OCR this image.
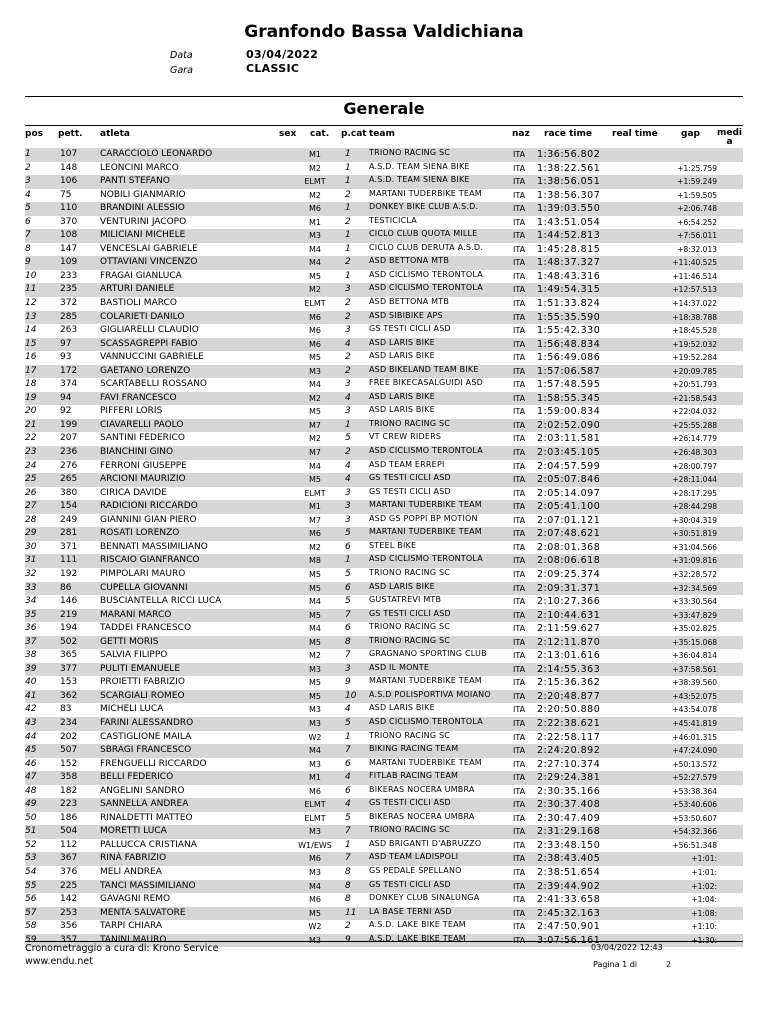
Granfondo Bassa Valdichiana
Data	03/04/2022
Gara	CLASSIC
Generale
pos pett. atleta	sex cat. p.cat team	naz race time real time	gap medi a
1	107	CARACCIOLO LEONARDO	M1	1 TRIONO RACING SC	ITA 1:36:56.802
2	148	LEONCINI MARCO	M2	1 A.S.D. TEAM SIENA BIKE	ITA 1:38:22.561	+1:25.759
3	106	PANTI STEFANO	ELMT	1 A.S.D. TEAM SIENA BIKE	ITA 1:38:56.051	+1:59.249
4	75	NOBILI GIANMARIO	M2	2 MARTANI TUDERBIKE TEAM	ITA 1:38:56.307	+1:59.505
5	110	BRANDINI ALESSIO	M6	1 DONKEY BIKE CLUB A.S.D.	ITA 1:39:03.550	+2:06.748
6	370	VENTURINI JACOPO	M1	2 TESTICICLA	ITA 1:43:51.054	+6:54.252
7	108	MILICIANI MICHELE	M3	1 CICLO CLUB QUOTA MILLE	ITA 1:44:52.813	+7:56.011
8	147	VENCESLAI GABRIELE	M4	1 CICLO CLUB DERUTA A.S.D.	ITA 1:45:28.815	+8:32.013
9	109	OTTAVIANI VINCENZO	M4	2 ASD BETTONA MTB	ITA 1:48:37.327	+11:40.525
10	233	FRAGAI GIANLUCA	M5	1 ASD CICLISMO TERONTOLA	ITA 1:48:43.316	+11:46.514
11	235	ARTURI DANIELE	M2	3 ASD CICLISMO TERONTOLA	ITA 1:49:54.315	+12:57.513
12	372	BASTIOLI MARCO	ELMT	2 ASD BETTONA MTB	ITA 1:51:33.824	+14:37.022
13	285	COLARIETI DANILO	M6	2 ASD SIBIBIKE APS	ITA 1:55:35.590	+18:38.788
14	263	GIGLIARELLI CLAUDIO	M6	3 GS TESTI CICLI ASD	ITA 1:55:42.330	+18:45.528
15	97	SCASSAGREPPI FABIO	M6	4 ASD LARIS BIKE	ITA 1:56:48.834	+19:52.032
16	93	VANNUCCINI GABRIELE	M5	2 ASD LARIS BIKE	ITA 1:56:49.086	+19:52.284
17	172	GAETANO LORENZO	M3	2 ASD BIKELAND TEAM BIKE	ITA 1:57:06.587	+20:09.785
18	374	SCARTABELLI ROSSANO	M4	3 FREE BIKECASALGUIDI ASD	ITA 1:57:48.595	+20:51.793
19	94	FAVI FRANCESCO	M2	4 ASD LARIS BIKE	ITA 1:58:55.345	+21:58.543
20	92	PIFFERI LORIS	M5	3 ASD LARIS BIKE	ITA 1:59:00.834	+22:04.032
21	199	CIAVARELLI PAOLO	M7	1 TRIONO RACING SC	ITA 2:02:52.090	+25:55.288
22	207	SANTINI FEDERICO	M2	5 VT CREW RIDERS	ITA 2:03:11.581	+26:14.779
23	236	BIANCHINI GINO	M7	2 ASD CICLISMO TERONTOLA	ITA 2:03:45.105	+26:48.303
24	276	FERRONI GIUSEPPE	M4	4 ASD TEAM ERREPI	ITA 2:04:57.599	+28:00.797
25	265	ARCIONI MAURIZIO	M5	4 GS TESTI CICLI ASD	ITA 2:05:07.846	+28:11.044
26	380	CIRICA DAVIDE	ELMT	3 GS TESTI CICLI ASD	ITA 2:05:14.097	+28:17.295
27	154	RADICIONI RICCARDO	M1	3 MARTANI TUDERBIKE TEAM	ITA 2:05:41.100	+28:44.298
28	249	GIANNINI GIAN PIERO	M7	3 ASD GS POPPI BP MOTION	ITA 2:07:01.121	+30:04.319
29	281	ROSATI LORENZO	M6	5 MARTANI TUDERBIKE TEAM	ITA 2:07:48.621	+30:51.819
30	371	BENNATI MASSIMILIANO	M2	6 STEEL BIKE	ITA 2:08:01.368	+31:04.566
31	111	RISCAIO GIANFRANCO	M8	1 ASD CICLISMO TERONTOLA	ITA 2:08:06.618	+31:09.816
32	192	PIMPOLARI MAURO	M5	5 TRIONO RACING SC	ITA 2:09:25.374	+32:28.572
33	86	CUPELLA GIOVANNI	M5	6 ASD LARIS BIKE	ITA 2:09:31.371	+32:34.569
34	146	BUSCIANTELLA RICCI LUCA	M4	5 GUSTATREVI MTB	ITA 2:10:27.366	+33:30.564
35	219	MARANI MARCO	M5	7 GS TESTI CICLI ASD	ITA 2:10:44.631	+33:47.829
36	194	TADDEI FRANCESCO	M4	6 TRIONO RACING SC	ITA 2:11:59.627	+35:02.825
37	502	GETTI MORIS	M5	8 TRIONO RACING SC	ITA 2:12:11.870	+35:15.068
38	365	SALVIA FILIPPO	M2	7 GRAGNANO SPORTING CLUB	ITA 2:13:01.616	+36:04.814
39	377	PULITI EMANUELE	M3	3 ASD IL MONTE	ITA 2:14:55.363	+37:58.561
40	153	PROIETTI FABRIZIO	M5	9 MARTANI TUDERBIKE TEAM	ITA 2:15:36.362	+38:39.560
41	362	SCARGIALI ROMEO	M5	10 A.S.D POLISPORTIVA MOIANO	ITA 2:20:48.877	+43:52.075
42	83	MICHELI LUCA	M3	4 ASD LARIS BIKE	ITA 2:20:50.880	+43:54.078
43	234	FARINI ALESSANDRO	M3	5 ASD CICLISMO TERONTOLA	ITA 2:22:38.621	+45:41.819
44	202	CASTIGLIONE MAILA	W2	1 TRIONO RACING SC	ITA 2:22:58.117	+46:01.315
45	507	SBRAGI FRANCESCO	M4	7 BIKING RACING TEAM	ITA 2:24:20.892	+47:24.090
46	152	FRENGUELLI RICCARDO	M3	6 MARTANI TUDERBIKE TEAM	ITA 2:27:10.374	+50:13.572
47	358	BELLI FEDERICO	M1	4 FITLAB RACING TEAM	ITA 2:29:24.381	+52:27.579
48	182	ANGELINI SANDRO	M6	6 BIKERAS NOCERA UMBRA	ITA 2:30:35.166	+53:38.364
49	223	SANNELLA ANDREA	ELMT	4 GS TESTI CICLI ASD	ITA 2:30:37.408	+53:40.606
50	186	RINALDETTI MATTEO	ELMT	5 BIKERAS NOCERA UMBRA	ITA 2:30:47.409	+53:50.607
51	504	MORETTI LUCA	M3	7 TRIONO RACING SC	ITA 2:31:29.168	+54:32.366
52	112	PALLUCCA CRISTIANA	W1/EWS	1 ASD BRIGANTI D'ABRUZZO	ITA 2:33:48.150	+56:51.348
53	367	RINÀ FABRIZIO	M6	7 ASD TEAM LADISPOLI	ITA 2:38:43.405	+1:01:
54	376	MELI ANDREA	M3	8 GS PEDALE SPELLANO	ITA 2:38:51.654	+1:01:
55	225	TANCI MASSIMILIANO	M4	8 GS TESTI CICLI ASD	ITA 2:39:44.902	+1:02:
56	142	GAVAGNI REMO	M6	8 DONKEY CLUB SINALUNGA	ITA 2:41:33.658	+1:04:
57	253	MENTA SALVATORE	M5	11 LA BASE TERNI ASD	ITA 2:45:32.163	+1:08:
58	356	TARPI CHIARA	W2	2 A.S.D. LAKE BIKE TEAM	ITA 2:47:50.901	+1:10:
59	357	TANINI MAURO	M3	9 A.S.D. LAKE BIKE TEAM	ITA 3:07:56.161	+1:30:
Cronometraggio a cura di: Krono Service
www.endu.net
03/04/2022 12:43
Pagina 1 di	2
